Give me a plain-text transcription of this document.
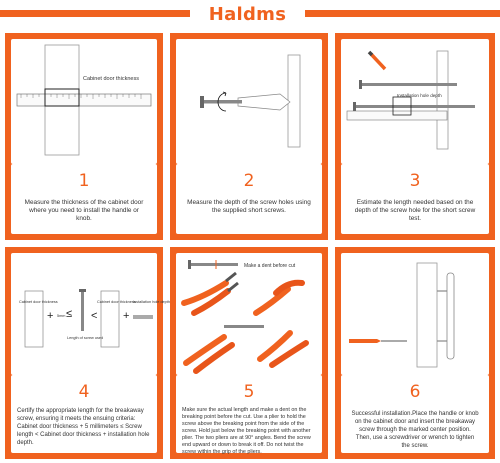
Haldms
Cabinet door thickness
1
Measure the thickness of the cabinet door where you need to install the handle or knob.
2
Measure the depth of the screw holes using the supplied short screws.
Installation hole depth
3
Estimate the length needed based on the depth of the screw hole for the short screw test.
Cabinet door thickness
+ 5mm ≤
Length of screw used
<
Cabinet door thickness
+
Installation hole depth
4
Certify the appropriate length for the breakaway screw, ensuring it meets the ensuing criteria: Cabinet door thickness + 5 millimeters ≤ Screw length < Cabinet door thickness + installation hole depth.
Make a dent before cut
5
Make sure the actual length and make a dent on the breaking point before the cut. Use a plier to hold the screw above the breaking point from the side of the screw. Hold just below the breaking point with another plier. The two pliers are at 90° angles. Bend the screw end upward or down to break it off. Do not twist the screw within the grip of the pliers.
6
Successful installation.Place the handle or knob on the cabinet door and insert the breakaway screw through the marked center position. Then, use a screwdriver or wrench to tighten the screw.
